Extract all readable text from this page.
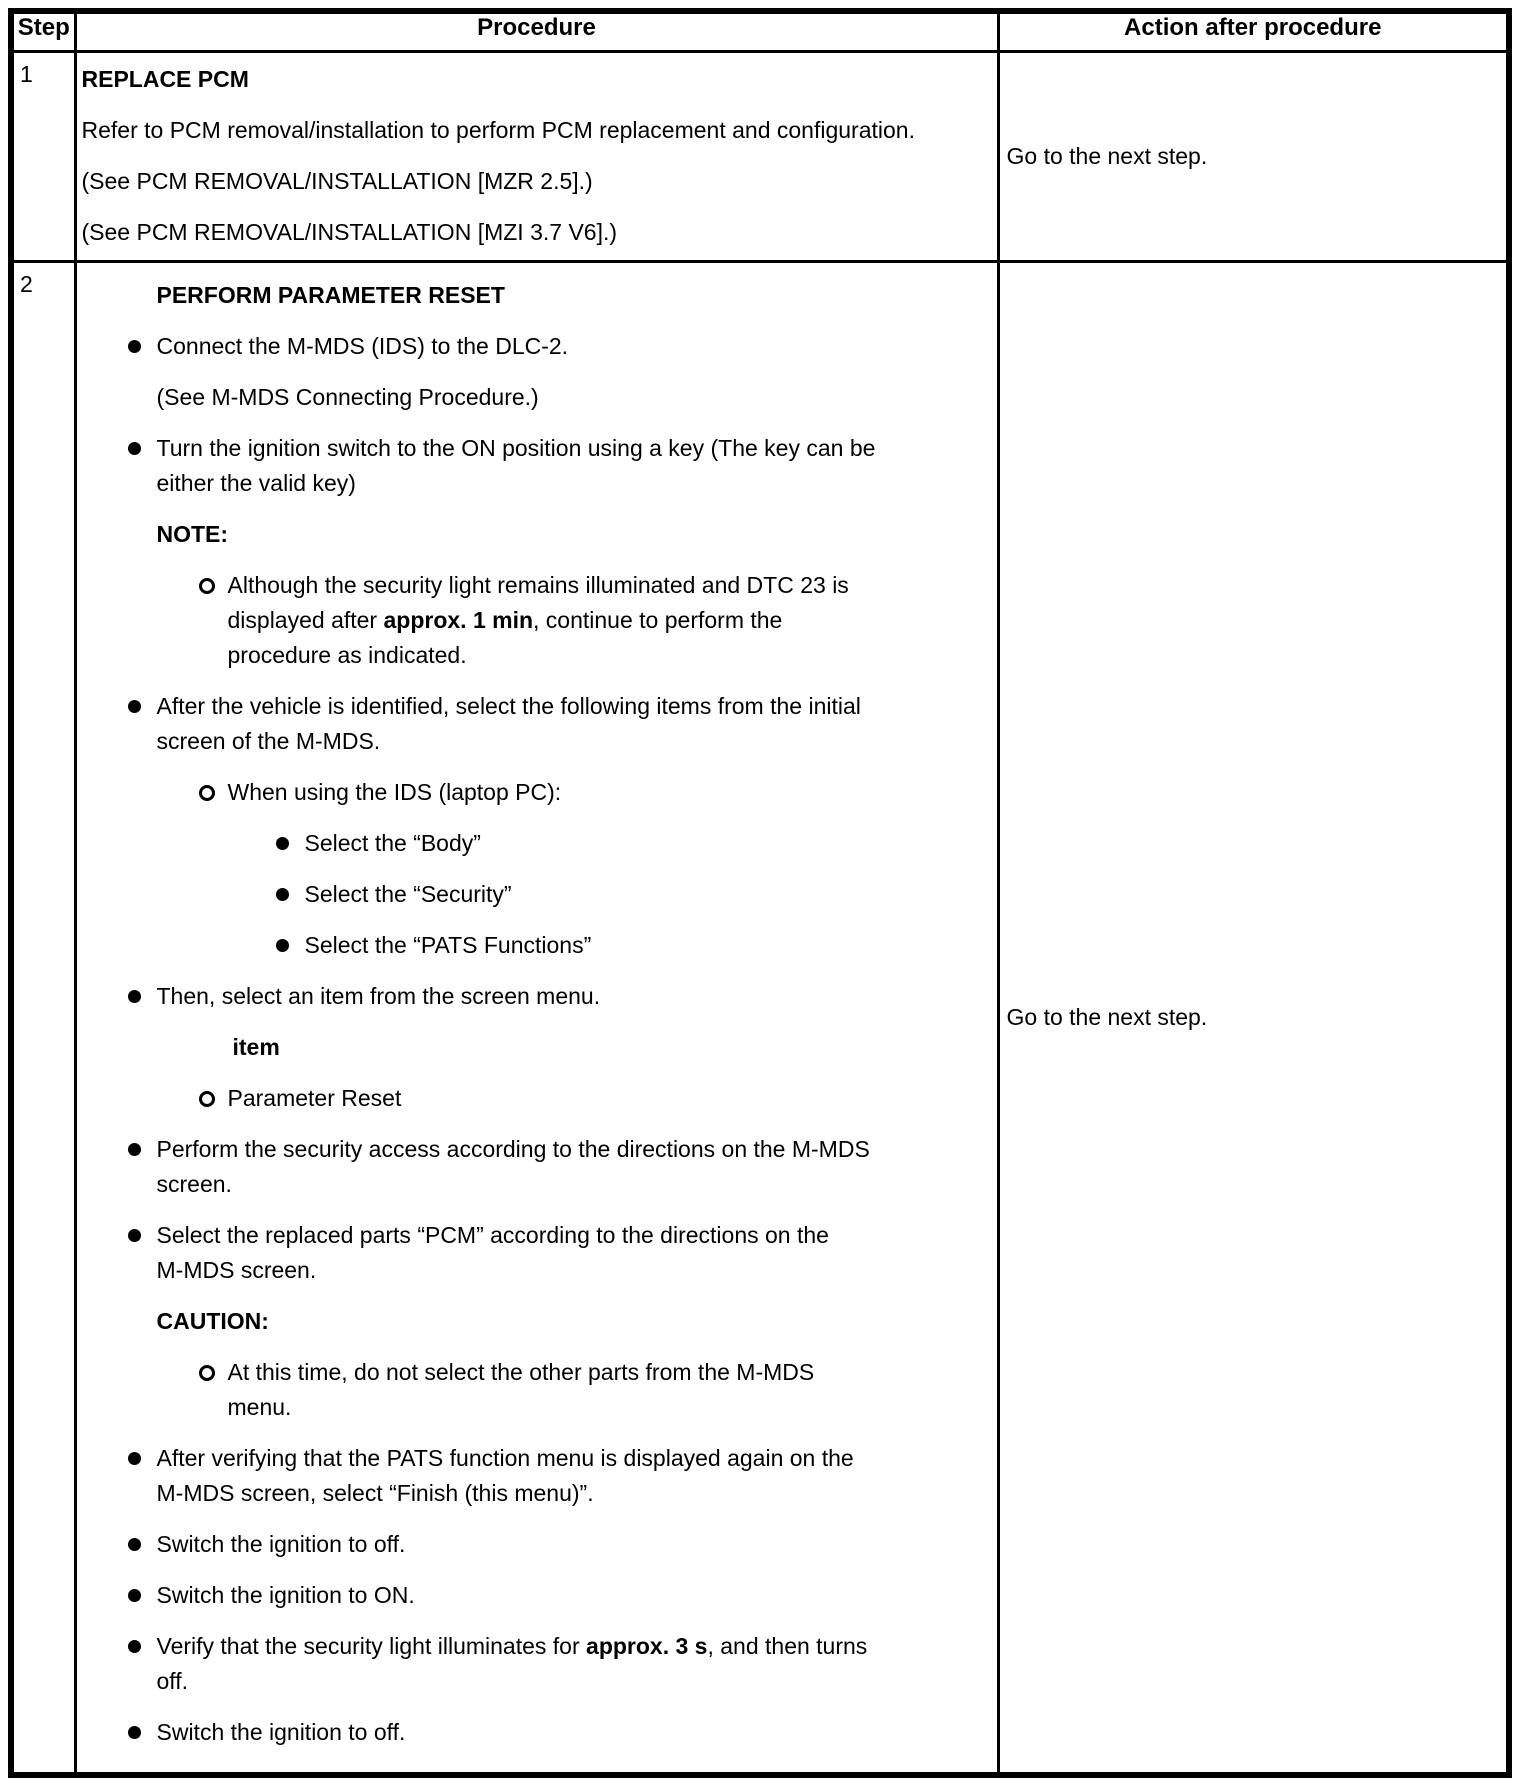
Step	Procedure	Action after procedure
1	REPLACE PCM
Refer to PCM removal/installation to perform PCM replacement and configuration.
(See PCM REMOVAL/INSTALLATION [MZR 2.5].)
(See PCM REMOVAL/INSTALLATION [MZI 3.7 V6].)	Go to the next step.
2	PERFORM PARAMETER RESET
Connect the M-MDS (IDS) to the DLC-2.
(See M-MDS Connecting Procedure.)
Turn the ignition switch to the ON position using a key (The key can be
either the valid key)
NOTE:
Although the security light remains illuminated and DTC 23 is
displayed after approx. 1 min, continue to perform the
procedure as indicated.
After the vehicle is identified, select the following items from the initial
screen of the M-MDS.
When using the IDS (laptop PC):
Select the “Body”
Select the “Security”
Select the “PATS Functions”
Then, select an item from the screen menu.
item
Parameter Reset
Perform the security access according to the directions on the M-MDS
screen.
Select the replaced parts “PCM” according to the directions on the
M-MDS screen.
CAUTION:
At this time, do not select the other parts from the M-MDS
menu.
After verifying that the PATS function menu is displayed again on the
M-MDS screen, select “Finish (this menu)”.
Switch the ignition to off.
Switch the ignition to ON.
Verify that the security light illuminates for approx. 3 s, and then turns
off.
Switch the ignition to off.
	Go to the next step.
